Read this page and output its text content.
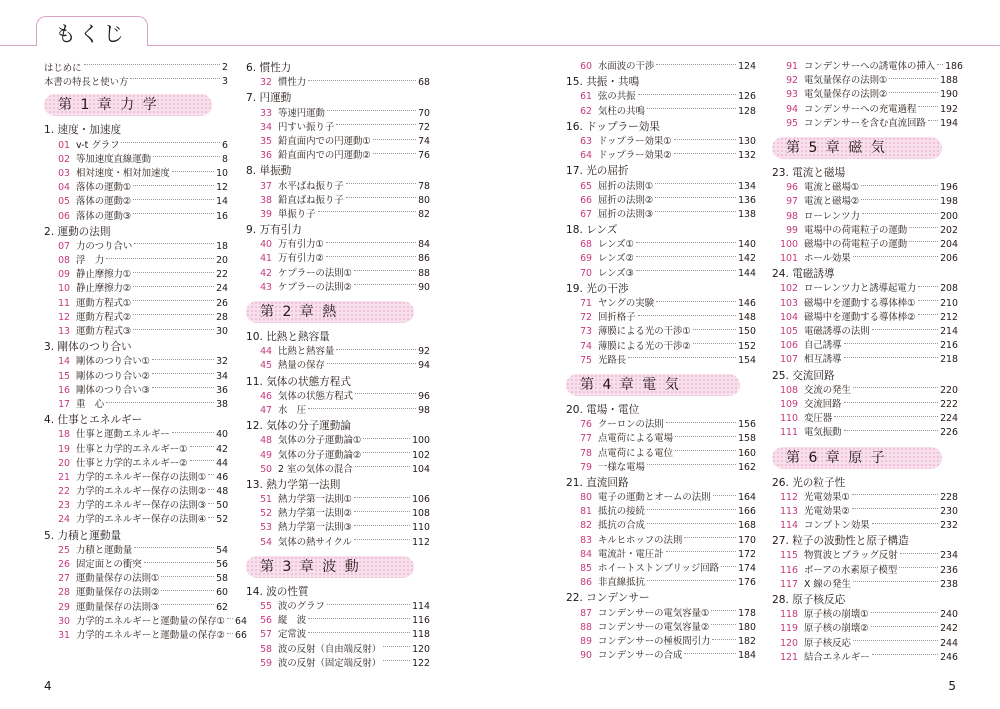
もくじ
はじめに	2
本書の特長と使い方	3
第 1 章 力 学
1. 速度・加速度
01 v-t グラフ	6
02 等加速度直線運動	8
03 相対速度・相対加速度	10
04 落体の運動①	12
05 落体の運動②	14
06 落体の運動③	16
2. 運動の法則
07 力のつり合い	18
08 浮　力	20
09 静止摩擦力①	22
10 静止摩擦力②	24
11 運動方程式①	26
12 運動方程式②	28
13 運動方程式③	30
3. 剛体のつり合い
14 剛体のつり合い①	32
15 剛体のつり合い②	34
16 剛体のつり合い③	36
17 重　心	38
4. 仕事とエネルギー
18 仕事と運動エネルギー	40
19 仕事と力学的エネルギー①	42
20 仕事と力学的エネルギー②	44
21 力学的エネルギー保存の法則① 46
22 力学的エネルギー保存の法則② 48
23 力学的エネルギー保存の法則③ 50
24 力学的エネルギー保存の法則④ 52
5. 力積と運動量
25 力積と運動量	54
26 固定面との衝突	56
27 運動量保存の法則①	58
28 運動量保存の法則②	60
29 運動量保存の法則③	62
30 力学的エネルギーと運動量の保存① 64
31 力学的エネルギーと運動量の保存② 66
6. 慣性力
32 慣性力	68
7. 円運動
33 等速円運動	70
34 円すい振り子	72
35 鉛直面内での円運動①	74
36 鉛直面内での円運動②	76
8. 単振動
37 水平ばね振り子	78
38 鉛直ばね振り子	80
39 単振り子	82
9. 万有引力
40 万有引力①	84
41 万有引力②	86
42 ケプラーの法則①	88
43 ケプラーの法則②	90
第 2 章 熱
10. 比熱と熱容量
44 比熱と熱容量	92
45 熱量の保存	94
11. 気体の状態方程式
46 気体の状態方程式	96
47 水　圧	98
12. 気体の分子運動論
48 気体の分子運動論①	100
49 気体の分子運動論②	102
50 2 室の気体の混合	104
13. 熱力学第一法則
51 熱力学第一法則①	106
52 熱力学第一法則②	108
53 熱力学第一法則③	110
54 気体の熱サイクル	112
第 3 章 波 動
14. 波の性質
55 波のグラフ	114
56 縦　波	116
57 定常波	118
58 波の反射（自由端反射）	120
59 波の反射（固定端反射）	122
60 水面波の干渉	124
15. 共振・共鳴
61 弦の共振	126
62 気柱の共鳴	128
16. ドップラー効果
63 ドップラー効果①	130
64 ドップラー効果②	132
17. 光の屈折
65 屈折の法則①	134
66 屈折の法則②	136
67 屈折の法則③	138
18. レンズ
68 レンズ①	140
69 レンズ②	142
70 レンズ③	144
19. 光の干渉
71 ヤングの実験	146
72 回折格子	148
73 薄膜による光の干渉①	150
74 薄膜による光の干渉②	152
75 光路長	154
第 4 章 電 気
20. 電場・電位
76 クーロンの法則	156
77 点電荷による電場	158
78 点電荷による電位	160
79 一様な電場	162
21. 直流回路
80 電子の運動とオームの法則	164
81 抵抗の接続	166
82 抵抗の合成	168
83 キルヒホッフの法則	170
84 電流計・電圧計	172
85 ホイートストンブリッジ回路 174
86 非直線抵抗	176
22. コンデンサー
87 コンデンサーの電気容量①	178
88 コンデンサーの電気容量②	180
89 コンデンサーの極板間引力	182
90 コンデンサーの合成	184
91 コンデンサーへの誘電体の挿入 186
92 電気量保存の法則①	188
93 電気量保存の法則②	190
94 コンデンサーへの充電過程	192
95 コンデンサーを含む直流回路 194
第 5 章 磁 気
23. 電流と磁場
96 電流と磁場①	196
97 電流と磁場②	198
98 ローレンツ力	200
99 電場中の荷電粒子の運動	202
100 磁場中の荷電粒子の運動	204
101 ホール効果	206
24. 電磁誘導
102 ローレンツ力と誘導起電力	208
103 磁場中を運動する導体棒①	210
104 磁場中を運動する導体棒②	212
105 電磁誘導の法則	214
106 自己誘導	216
107 相互誘導	218
25. 交流回路
108 交流の発生	220
109 交流回路	222
110 変圧器	224
111 電気振動	226
第 6 章 原 子
26. 光の粒子性
112 光電効果①	228
113 光電効果②	230
114 コンプトン効果	232
27. 粒子の波動性と原子構造
115 物質波とブラッグ反射	234
116 ボーアの水素原子模型	236
117 X 線の発生	238
28. 原子核反応
118 原子核の崩壊①	240
119 原子核の崩壊②	242
120 原子核反応	244
121 結合エネルギー	246
4	5
